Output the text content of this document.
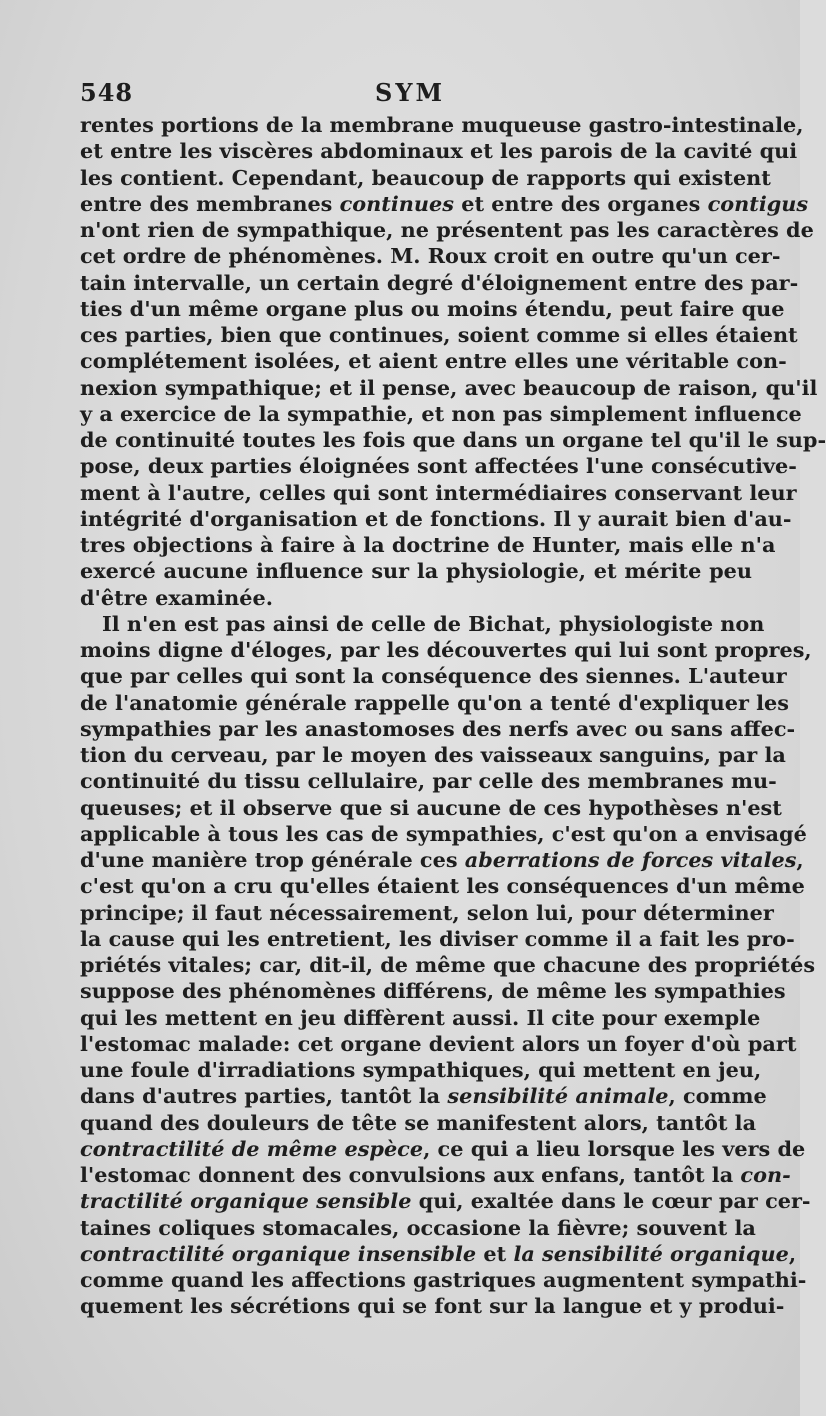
548	SYM
rentes portions de la membrane muqueuse gastro-intestinale,
et entre les viscères abdominaux et les parois de la cavité qui
les contient. Cependant, beaucoup de rapports qui existent
entre des membranes continues et entre des organes contigus
n'ont rien de sympathique, ne présentent pas les caractères de
cet ordre de phénomènes. M. Roux croit en outre qu'un cer-
tain intervalle, un certain degré d'éloignement entre des par-
ties d'un même organe plus ou moins étendu, peut faire que
ces parties, bien que continues, soient comme si elles étaient
complétement isolées, et aient entre elles une véritable con-
nexion sympathique; et il pense, avec beaucoup de raison, qu'il
y a exercice de la sympathie, et non pas simplement influence
de continuité toutes les fois que dans un organe tel qu'il le sup-
pose, deux parties éloignées sont affectées l'une consécutive-
ment à l'autre, celles qui sont intermédiaires conservant leur
intégrité d'organisation et de fonctions. Il y aurait bien d'au-
tres objections à faire à la doctrine de Hunter, mais elle n'a
exercé aucune influence sur la physiologie, et mérite peu
d'être examinée.
Il n'en est pas ainsi de celle de Bichat, physiologiste non
moins digne d'éloges, par les découvertes qui lui sont propres,
que par celles qui sont la conséquence des siennes. L'auteur
de l'anatomie générale rappelle qu'on a tenté d'expliquer les
sympathies par les anastomoses des nerfs avec ou sans affec-
tion du cerveau, par le moyen des vaisseaux sanguins, par la
continuité du tissu cellulaire, par celle des membranes mu-
queuses; et il observe que si aucune de ces hypothèses n'est
applicable à tous les cas de sympathies, c'est qu'on a envisagé
d'une manière trop générale ces aberrations de forces vitales,
c'est qu'on a cru qu'elles étaient les conséquences d'un même
principe; il faut nécessairement, selon lui, pour déterminer
la cause qui les entretient, les diviser comme il a fait les pro-
priétés vitales; car, dit-il, de même que chacune des propriétés
suppose des phénomènes différens, de même les sympathies
qui les mettent en jeu diffèrent aussi. Il cite pour exemple
l'estomac malade: cet organe devient alors un foyer d'où part
une foule d'irradiations sympathiques, qui mettent en jeu,
dans d'autres parties, tantôt la sensibilité animale, comme
quand des douleurs de tête se manifestent alors, tantôt la
contractilité de même espèce, ce qui a lieu lorsque les vers de
l'estomac donnent des convulsions aux enfans, tantôt la con-
tractilité organique sensible qui, exaltée dans le cœur par cer-
taines coliques stomacales, occasione la fièvre; souvent la
contractilité organique insensible et la sensibilité organique,
comme quand les affections gastriques augmentent sympathi-
quement les sécrétions qui se font sur la langue et y produi-
